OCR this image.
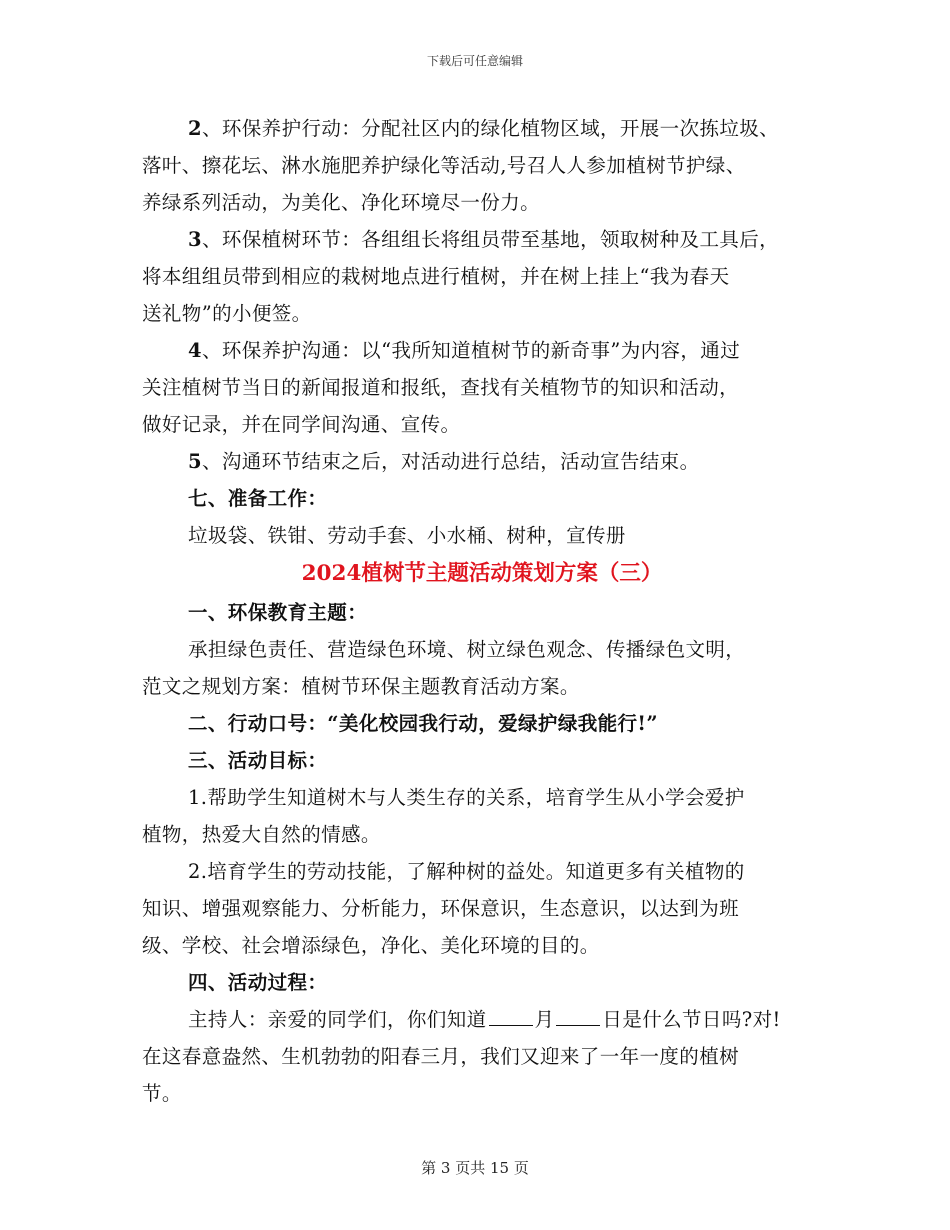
下载后可任意编辑
2、环保养护行动：分配社区内的绿化植物区域，开展一次拣垃圾、
落叶、擦花坛、淋水施肥养护绿化等活动,号召人人参加植树节护绿、
养绿系列活动，为美化、净化环境尽一份力。
3、环保植树环节：各组组长将组员带至基地，领取树种及工具后，
将本组组员带到相应的栽树地点进行植树，并在树上挂上“我为春天
送礼物”的小便签。
4、环保养护沟通：以“我所知道植树节的新奇事”为内容，通过
关注植树节当日的新闻报道和报纸，查找有关植物节的知识和活动，
做好记录，并在同学间沟通、宣传。
5、沟通环节结束之后，对活动进行总结，活动宣告结束。
七、准备工作：
垃圾袋、铁钳、劳动手套、小水桶、树种，宣传册
2024植树节主题活动策划方案（三）
一、环保教育主题：
承担绿色责任、营造绿色环境、树立绿色观念、传播绿色文明，
范文之规划方案：植树节环保主题教育活动方案。
二、行动口号：“美化校园我行动，爱绿护绿我能行!”
三、活动目标：
1.帮助学生知道树木与人类生存的关系，培育学生从小学会爱护
植物，热爱大自然的情感。
2.培育学生的劳动技能，了解种树的益处。知道更多有关植物的
知识、增强观察能力、分析能力，环保意识，生态意识，以达到为班
级、学校、社会增添绿色，净化、美化环境的目的。
四、活动过程：
主持人：亲爱的同学们，你们知道 月 日是什么节日吗?对!
在这春意盎然、生机勃勃的阳春三月，我们又迎来了一年一度的植树
节。
第 3 页共 15 页
